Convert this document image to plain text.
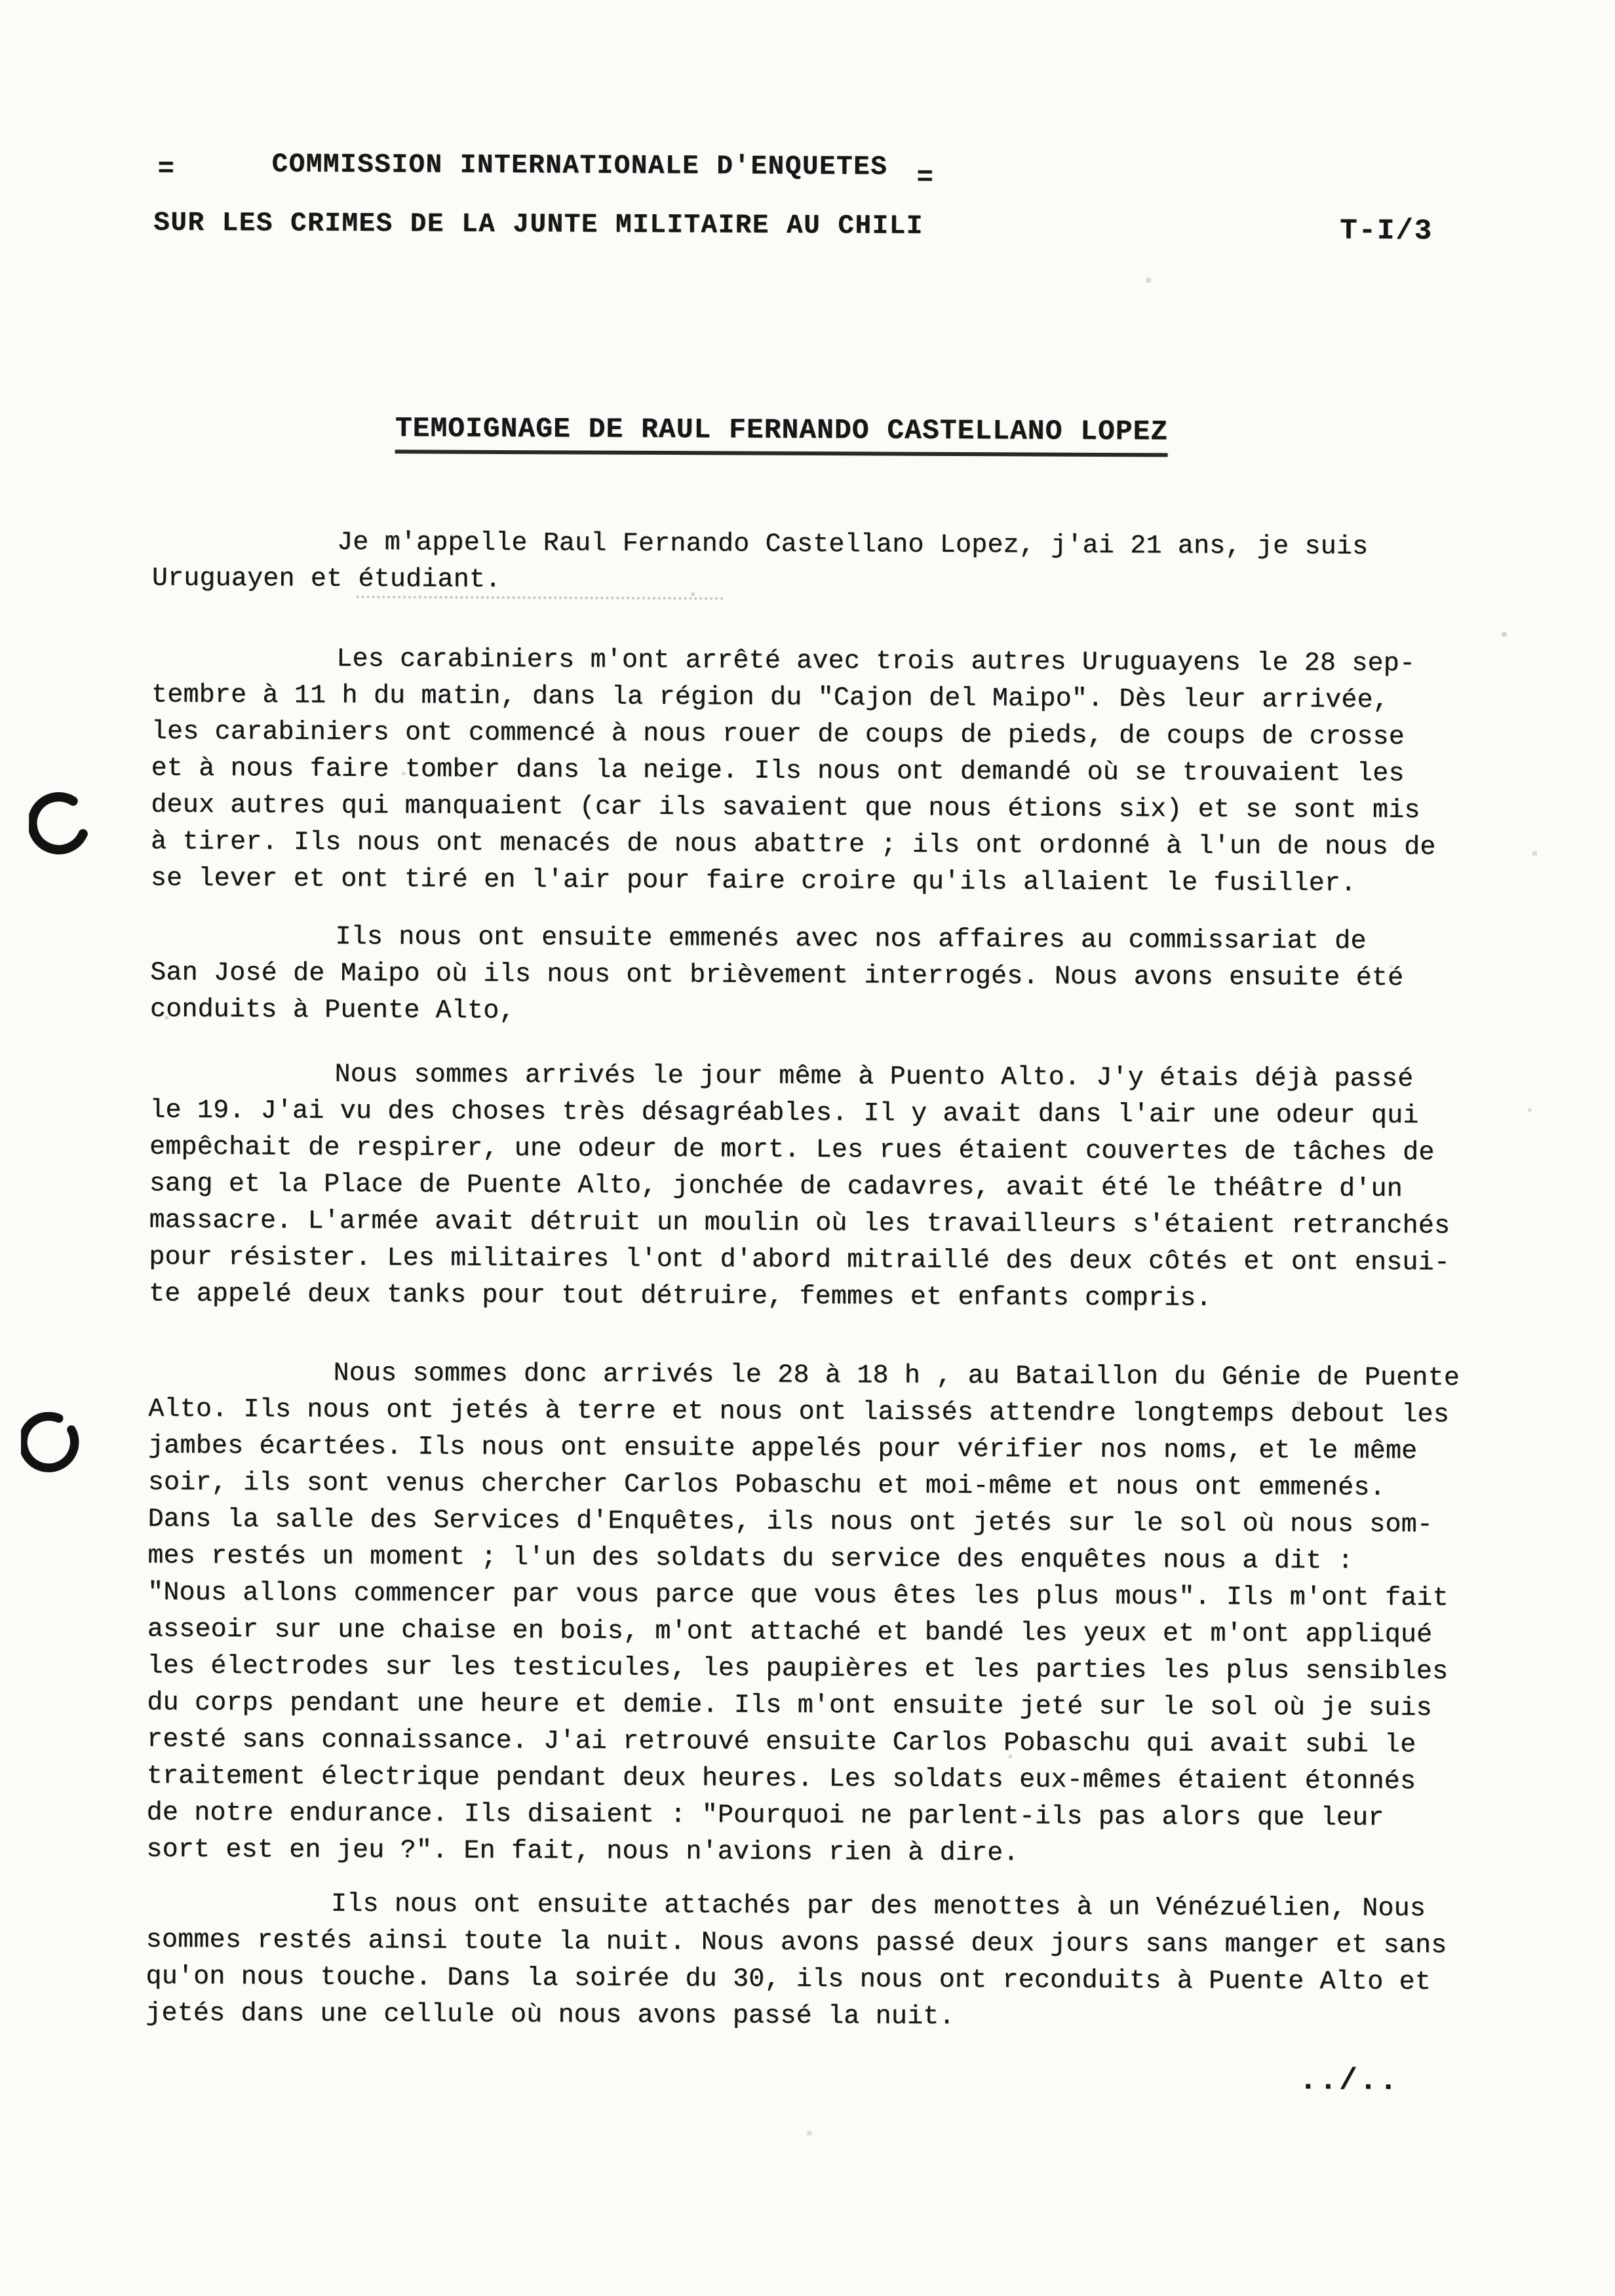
=	COMMISSION INTERNATIONALE D'ENQUETES =
SUR LES CRIMES DE LA JUNTE MILITAIRE AU CHILI	T-I/3
TEMOIGNAGE DE RAUL FERNANDO CASTELLANO LOPEZ
Je m'appelle Raul Fernando Castellano Lopez, j'ai 21 ans, je suis
Uruguayen et étudiant.
Les carabiniers m'ont arrêté avec trois autres Uruguayens le 28 sep-
tembre à 11 h du matin, dans la région du "Cajon del Maipo". Dès leur arrivée,
les carabiniers ont commencé à nous rouer de coups de pieds, de coups de crosse
et à nous faire tomber dans la neige. Ils nous ont demandé où se trouvaient les
deux autres qui manquaient (car ils savaient que nous étions six) et se sont mis
à tirer. Ils nous ont menacés de nous abattre ; ils ont ordonné à l'un de nous de
se lever et ont tiré en l'air pour faire croire qu'ils allaient le fusiller.
Ils nous ont ensuite emmenés avec nos affaires au commissariat de
San José de Maipo où ils nous ont brièvement interrogés. Nous avons ensuite été
conduits à Puente Alto,
Nous sommes arrivés le jour même à Puento Alto. J'y étais déjà passé
le 19. J'ai vu des choses très désagréables. Il y avait dans l'air une odeur qui
empêchait de respirer, une odeur de mort. Les rues étaient couvertes de tâches de
sang et la Place de Puente Alto, jonchée de cadavres, avait été le théâtre d'un
massacre. L'armée avait détruit un moulin où les travailleurs s'étaient retranchés
pour résister. Les militaires l'ont d'abord mitraillé des deux côtés et ont ensui-
te appelé deux tanks pour tout détruire, femmes et enfants compris.
Nous sommes donc arrivés le 28 à 18 h , au Bataillon du Génie de Puente
Alto. Ils nous ont jetés à terre et nous ont laissés attendre longtemps debout les
jambes écartées. Ils nous ont ensuite appelés pour vérifier nos noms, et le même
soir, ils sont venus chercher Carlos Pobaschu et moi-même et nous ont emmenés.
Dans la salle des Services d'Enquêtes, ils nous ont jetés sur le sol où nous som-
mes restés un moment ; l'un des soldats du service des enquêtes nous a dit :
"Nous allons commencer par vous parce que vous êtes les plus mous". Ils m'ont fait
asseoir sur une chaise en bois, m'ont attaché et bandé les yeux et m'ont appliqué
les électrodes sur les testicules, les paupières et les parties les plus sensibles
du corps pendant une heure et demie. Ils m'ont ensuite jeté sur le sol où je suis
resté sans connaissance. J'ai retrouvé ensuite Carlos Pobaschu qui avait subi le
traitement électrique pendant deux heures. Les soldats eux-mêmes étaient étonnés
de notre endurance. Ils disaient : "Pourquoi ne parlent-ils pas alors que leur
sort est en jeu ?". En fait, nous n'avions rien à dire.
Ils nous ont ensuite attachés par des menottes à un Vénézuélien, Nous
sommes restés ainsi toute la nuit. Nous avons passé deux jours sans manger et sans
qu'on nous touche. Dans la soirée du 30, ils nous ont reconduits à Puente Alto et
jetés dans une cellule où nous avons passé la nuit.
../..
